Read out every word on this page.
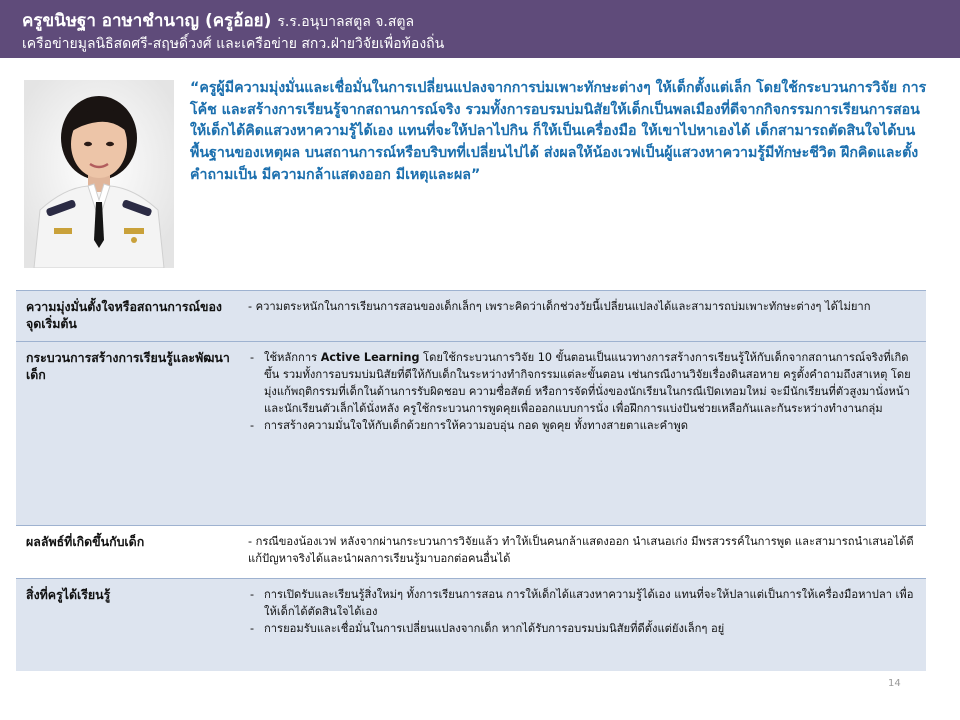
ครูขนิษฐา อาษาชำนาญ (ครูอ้อย) ร.ร.อนุบาลสตูล จ.สตูล
เครือข่ายมูลนิธิสดศรี-สฤษดิ์วงศ์ และเครือข่าย สกว.ฝ่ายวิจัยเพื่อท้องถิ่น
“ครูผู้มีความมุ่งมั่นและเชื่อมั่นในการเปลี่ยนแปลงจากการบ่มเพาะทักษะต่างๆ ให้เด็กตั้งแต่เล็ก โดยใช้กระบวนการวิจัย การโค้ช และสร้างการเรียนรู้จากสถานการณ์จริง รวมทั้งการอบรมบ่มนิสัยให้เด็กเป็นพลเมืองที่ดีจากกิจกรรมการเรียนการสอน ให้เด็กได้คิดแสวงหาความรู้ได้เอง แทนที่จะให้ปลาไปกิน ก็ให้เป็นเครื่องมือ ให้เขาไปหาเองได้ เด็กสามารถตัดสินใจได้บนพื้นฐานของเหตุผล บนสถานการณ์หรือบริบทที่เปลี่ยนไปได้ ส่งผลให้น้องเวฟเป็นผู้แสวงหาความรู้มีทักษะชีวิต ฝึกคิดและตั้งคำถามเป็น มีความกล้าแสดงออก มีเหตุและผล”
ความมุ่งมั่นตั้งใจหรือสถานการณ์ของจุดเริ่มต้น
- ความตระหนักในการเรียนการสอนของเด็กเล็กๆ เพราะคิดว่าเด็กช่วงวัยนี้เปลี่ยนแปลงได้และสามารถบ่มเพาะทักษะต่างๆ ได้ไม่ยาก
กระบวนการสร้างการเรียนรู้และพัฒนาเด็ก
- ใช้หลักการ Active Learning โดยใช้กระบวนการวิจัย 10 ขั้นตอนเป็นแนวทางการสร้างการเรียนรู้ให้กับเด็กจากสถานการณ์จริงที่เกิดขึ้น รวมทั้งการอบรมบ่มนิสัยที่ดีให้กับเด็กในระหว่างทำกิจกรรมแต่ละขั้นตอน เช่นกรณีงานวิจัยเรื่องดินสอหาย ครูตั้งคำถามถึงสาเหตุ โดยมุ่งแก้พฤติกรรมที่เด็กในด้านการรับผิดชอบ ความซื่อสัตย์ หรือการจัดที่นั่งของนักเรียนในกรณีเปิดเทอมใหม่ จะมีนักเรียนที่ตัวสูงมานั่งหน้าและนักเรียนตัวเล็กได้นั่งหลัง ครูใช้กระบวนการพูดคุยเพื่อออกแบบการนั่ง เพื่อฝึกการแบ่งปันช่วยเหลือกันและกันระหว่างทำงานกลุ่ม
- การสร้างความมั่นใจให้กับเด็กด้วยการให้ความอบอุ่น กอด พูดคุย ทั้งทางสายตาและคำพูด
ผลลัพธ์ที่เกิดขึ้นกับเด็ก	- กรณีของน้องเวฟ หลังจากผ่านกระบวนการวิจัยแล้ว ทำให้เป็นคนกล้าแสดงออก นำเสนอเก่ง มีพรสวรรค์ในการพูด และสามารถนำเสนอได้ดี แก้ปัญหาจริงได้และนำผลการเรียนรู้มาบอกต่อคนอื่นได้
สิ่งที่ครูได้เรียนรู้
-	การเปิดรับและเรียนรู้สิ่งใหม่ๆ ทั้งการเรียนการสอน การให้เด็กได้แสวงหาความรู้ได้เอง แทนที่จะให้ปลาแต่เป็นการให้เครื่องมือหาปลา เพื่อให้เด็กได้ตัดสินใจได้เอง
- การยอมรับและเชื่อมั่นในการเปลี่ยนแปลงจากเด็ก หากได้รับการอบรมบ่มนิสัยที่ดีตั้งแต่ยังเล็กๆ อยู่
14
